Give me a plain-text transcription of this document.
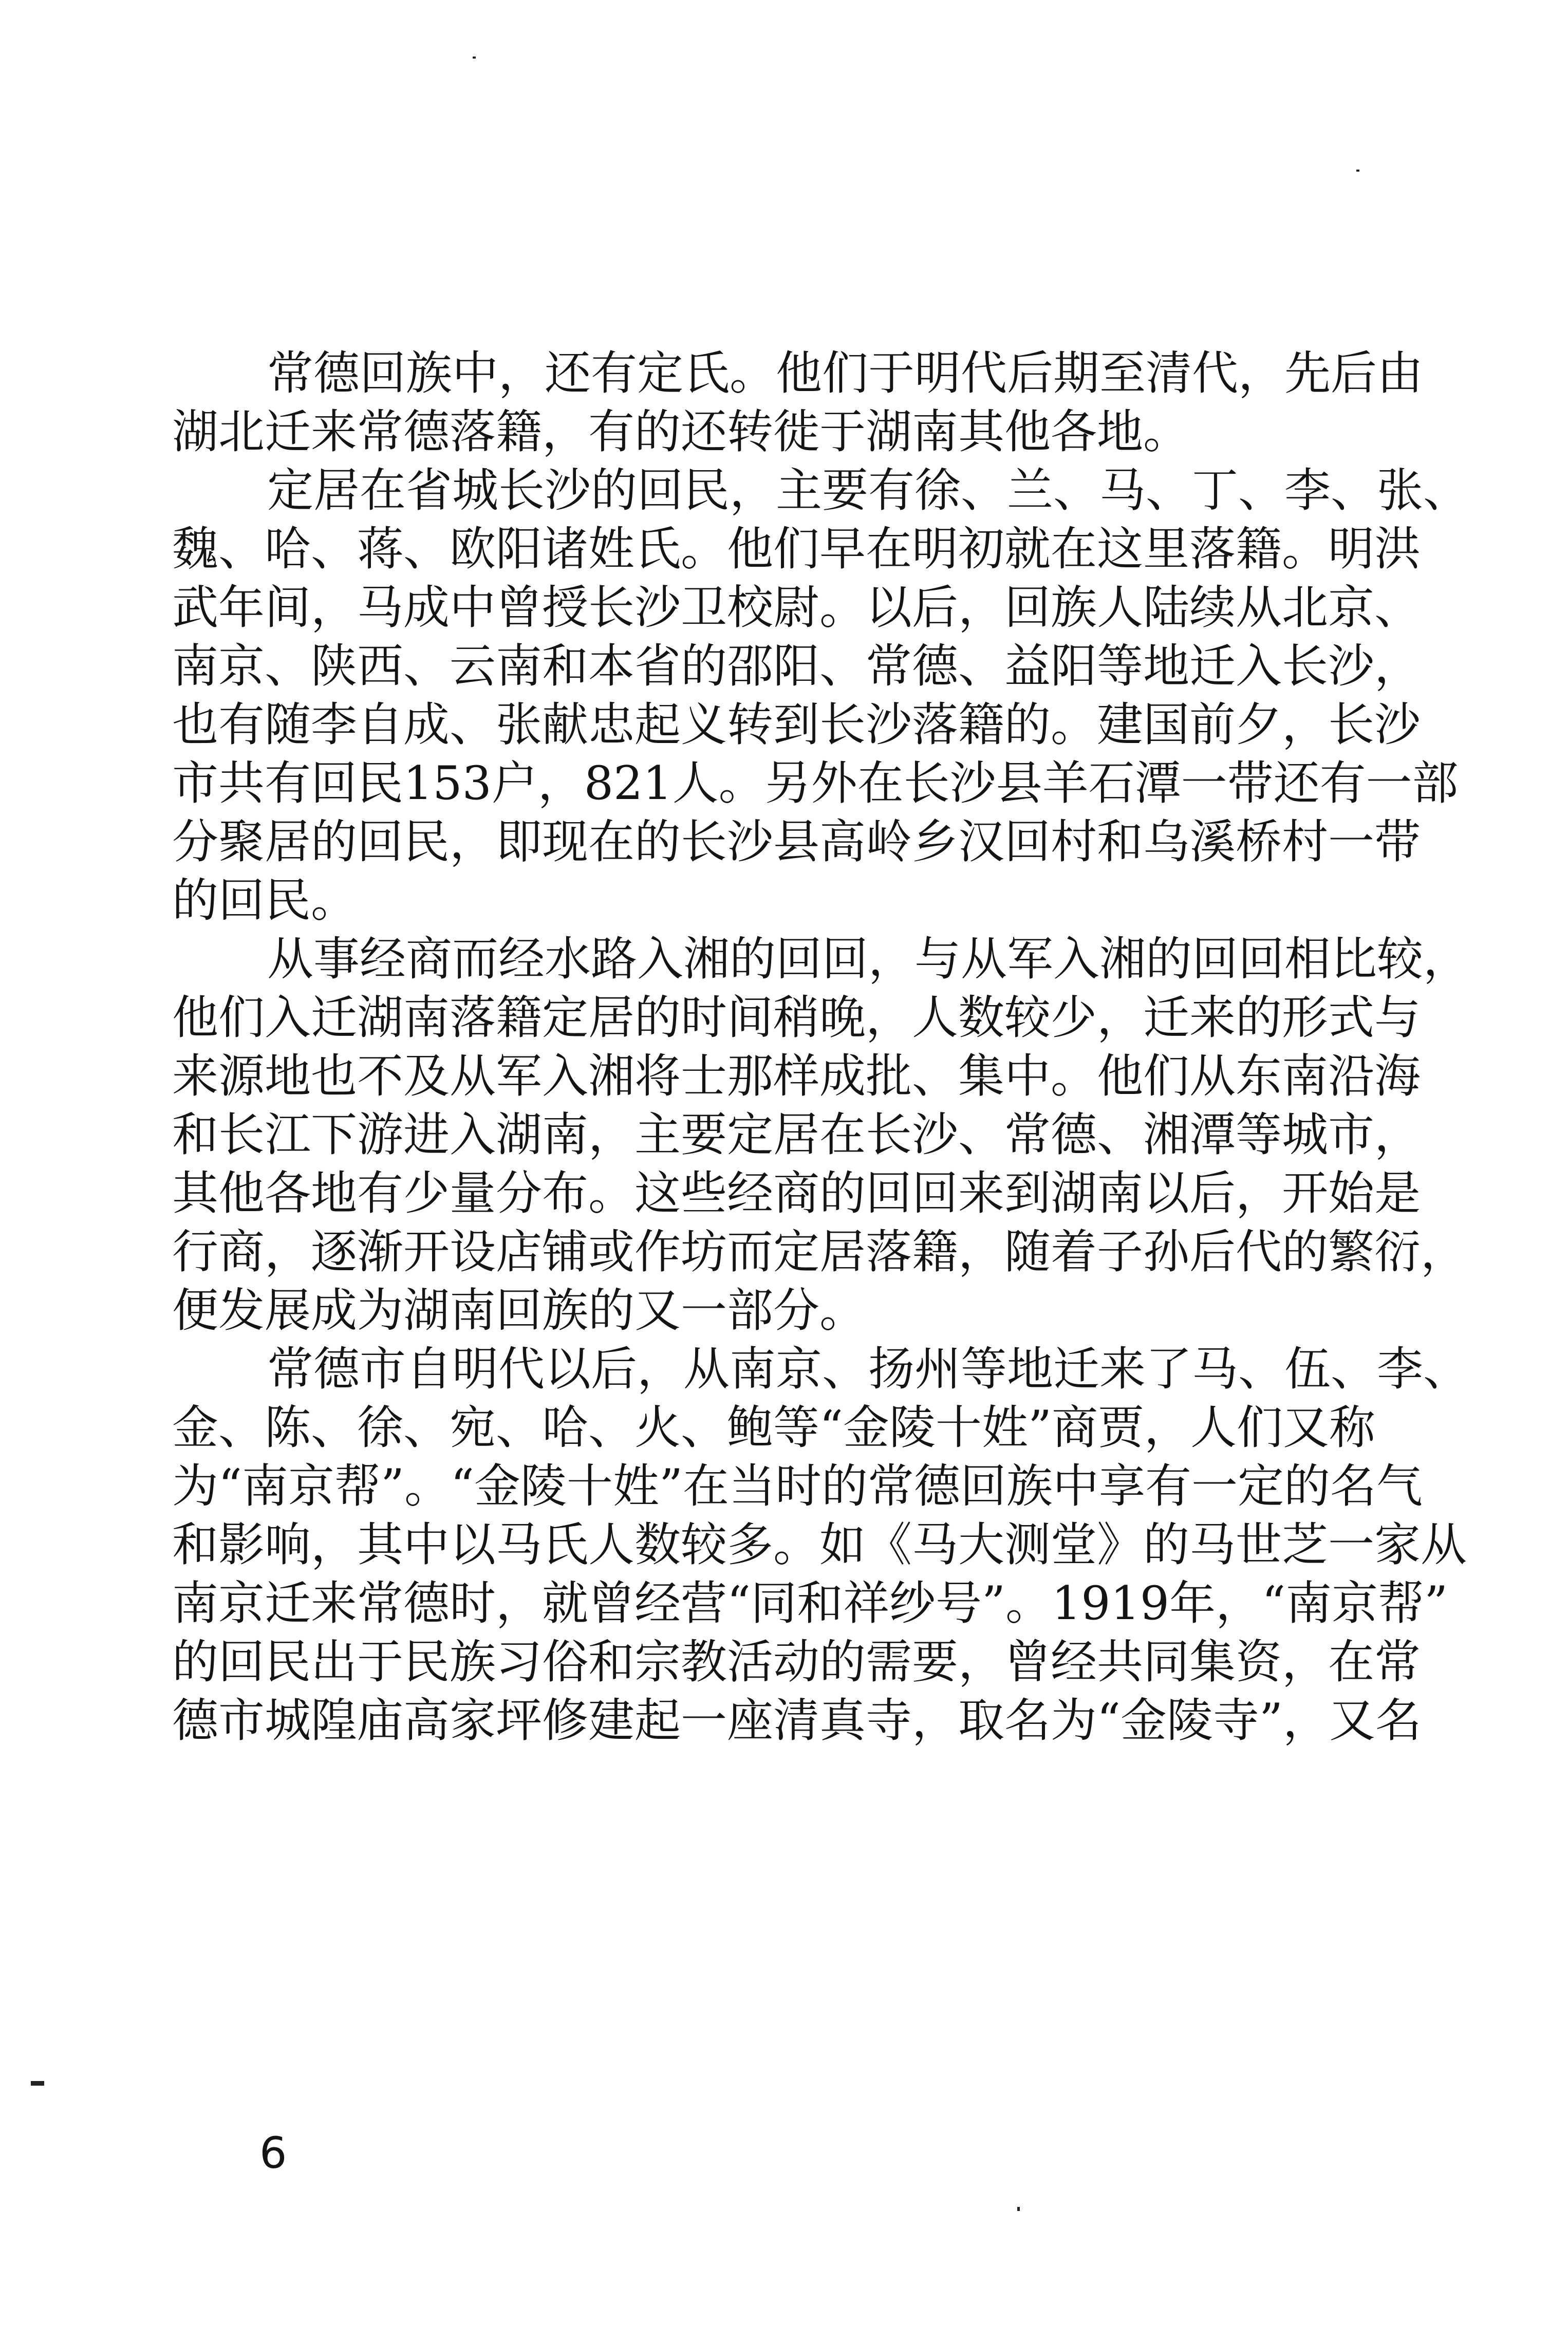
常德回族中，还有定氏。他们于明代后期至清代，先后由

湖北迁来常德落籍，有的还转徙于湖南其他各地。

定居在省城长沙的回民，主要有徐、兰、马、丁、李、张、

魏、哈、蒋、欧阳诸姓氏。他们早在明初就在这里落籍。明洪

武年间，马成中曾授长沙卫校尉。以后，回族人陆续从北京、

南京、陕西、云南和本省的邵阳、常德、益阳等地迁入长沙，

也有随李自成、张献忠起义转到长沙落籍的。建国前夕，长沙

市共有回民153户，821人。另外在长沙县羊石潭一带还有一部

分聚居的回民，即现在的长沙县高岭乡汉回村和乌溪桥村一带

的回民。

从事经商而经水路入湘的回回，与从军入湘的回回相比较，

他们入迁湖南落籍定居的时间稍晚，人数较少，迁来的形式与

来源地也不及从军入湘将士那样成批、集中。他们从东南沿海

和长江下游进入湖南，主要定居在长沙、常德、湘潭等城市，

其他各地有少量分布。这些经商的回回来到湖南以后，开始是

行商，逐渐开设店铺或作坊而定居落籍，随着子孙后代的繁衍，

便发展成为湖南回族的又一部分。

常德市自明代以后，从南京、扬州等地迁来了马、伍、李、

金、陈、徐、宛、哈、火、鲍等“金陵十姓”商贾，人们又称

为“南京帮”。“金陵十姓”在当时的常德回族中享有一定的名气

和影响，其中以马氏人数较多。如《马大测堂》的马世芝一家从

南京迁来常德时，就曾经营“同和祥纱号”。1919年，“南京帮”

的回民出于民族习俗和宗教活动的需要，曾经共同集资，在常

德市城隍庙高家坪修建起一座清真寺，取名为“金陵寺”，又名

6
